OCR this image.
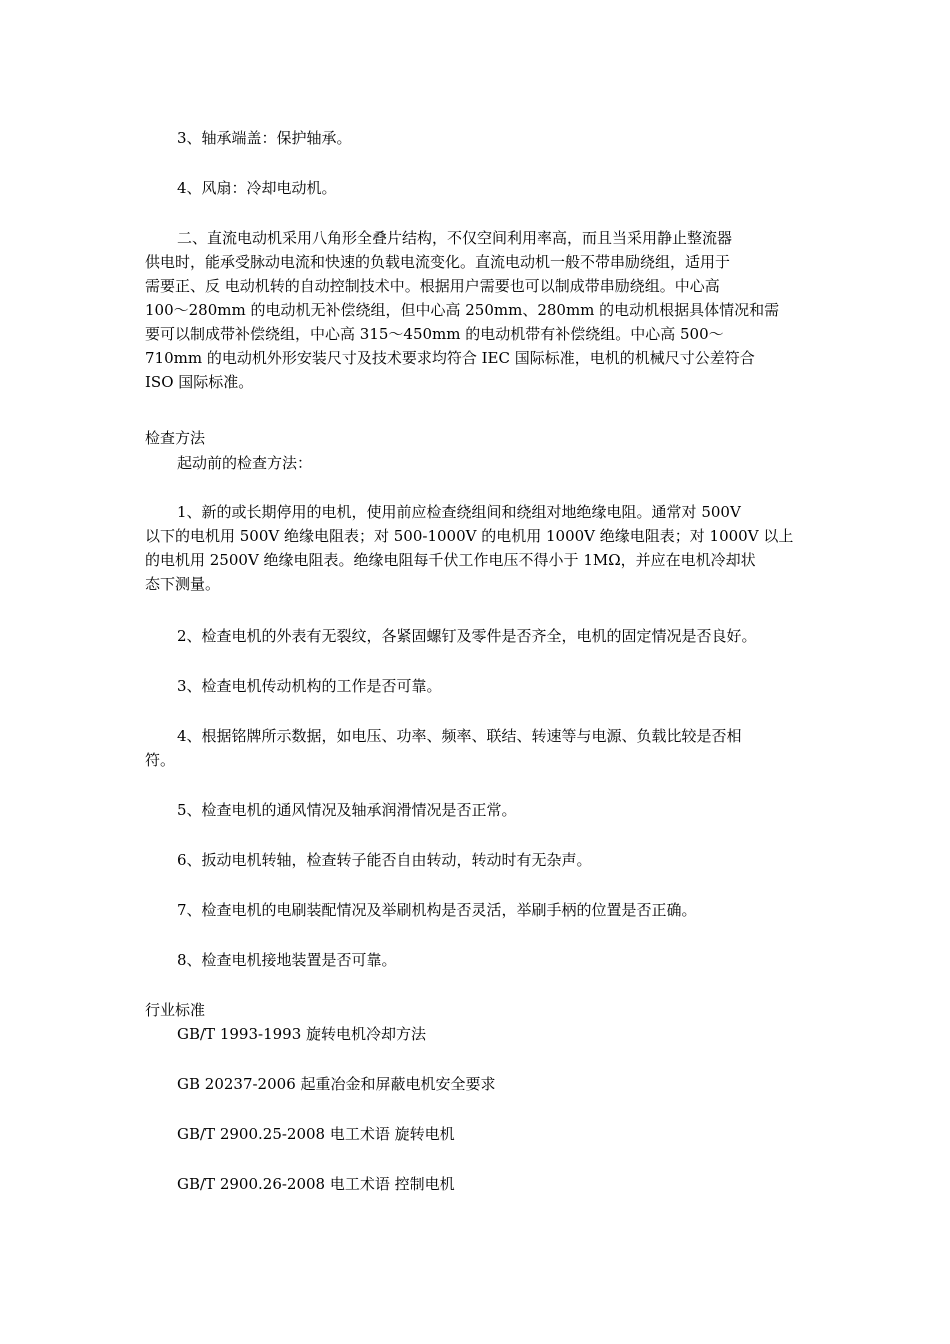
3、轴承端盖：保护轴承。

4、风扇：冷却电动机。

二、直流电动机采用八角形全叠片结构，不仅空间利用率高，而且当采用静止整流器
供电时，能承受脉动电流和快速的负载电流变化。直流电动机一般不带串励绕组，适用于
需要正、反 电动机转的自动控制技术中。根据用户需要也可以制成带串励绕组。中心高
100～280mm 的电动机无补偿绕组，但中心高 250mm、280mm 的电动机根据具体情况和需
要可以制成带补偿绕组，中心高 315～450mm 的电动机带有补偿绕组。中心高 500～
710mm 的电动机外形安装尺寸及技术要求均符合 IEC 国际标准，电机的机械尺寸公差符合
ISO 国际标准。

检查方法

起动前的检查方法：

1、新的或长期停用的电机，使用前应检查绕组间和绕组对地绝缘电阻。通常对 500V
以下的电机用 500V 绝缘电阻表；对 500-1000V 的电机用 1000V 绝缘电阻表；对 1000V 以上
的电机用 2500V 绝缘电阻表。绝缘电阻每千伏工作电压不得小于 1MΩ，并应在电机冷却状
态下测量。

2、检查电机的外表有无裂纹，各紧固螺钉及零件是否齐全，电机的固定情况是否良好。

3、检查电机传动机构的工作是否可靠。

4、根据铭牌所示数据，如电压、功率、频率、联结、转速等与电源、负载比较是否相
符。

5、检查电机的通风情况及轴承润滑情况是否正常。

6、扳动电机转轴，检查转子能否自由转动，转动时有无杂声。

7、检查电机的电刷装配情况及举刷机构是否灵活，举刷手柄的位置是否正确。

8、检查电机接地装置是否可靠。

行业标准

GB/T 1993-1993 旋转电机冷却方法

GB 20237-2006 起重冶金和屏蔽电机安全要求

GB/T 2900.25-2008 电工术语 旋转电机

GB/T 2900.26-2008 电工术语 控制电机
